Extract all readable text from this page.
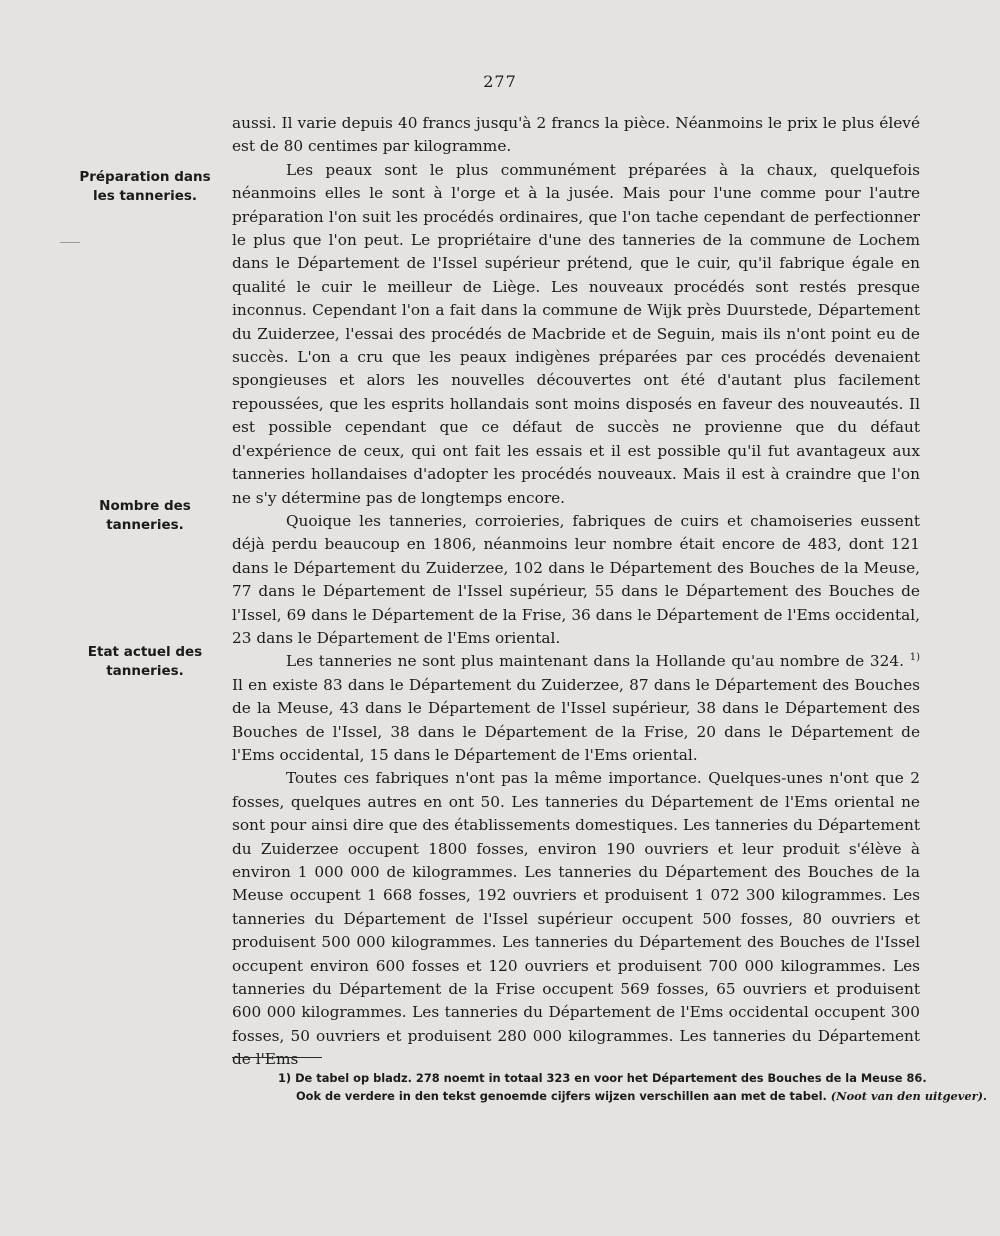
277
Préparation dans les tanneries.
Nombre des tanneries.
Etat actuel des tanneries.

aussi. Il varie depuis 40 francs jusqu'à 2 francs la pièce. Néanmoins le prix le plus élevé est de 80 centimes par kilogramme.

Les peaux sont le plus communément préparées à la chaux, quelquefois néanmoins elles le sont à l'orge et à la jusée. Mais pour l'une comme pour l'autre préparation l'on suit les procédés ordinaires, que l'on tache cependant de perfectionner le plus que l'on peut. Le propriétaire d'une des tanneries de la commune de Lochem dans le Département de l'Issel supérieur prétend, que le cuir, qu'il fabrique égale en qualité le cuir le meilleur de Liège. Les nouveaux procédés sont restés presque inconnus. Cependant l'on a fait dans la commune de Wijk près Duurstede, Département du Zuiderzee, l'essai des procédés de Macbride et de Seguin, mais ils n'ont point eu de succès. L'on a cru que les peaux indigènes préparées par ces procédés devenaient spongieuses et alors les nouvelles découvertes ont été d'autant plus facilement repoussées, que les esprits hollandais sont moins disposés en faveur des nouveautés. Il est possible cependant que ce défaut de succès ne provienne que du défaut d'expérience de ceux, qui ont fait les essais et il est possible qu'il fut avantageux aux tanneries hollandaises d'adopter les procédés nouveaux. Mais il est à craindre que l'on ne s'y détermine pas de longtemps encore.

Quoique les tanneries, corroieries, fabriques de cuirs et chamoiseries eussent déjà perdu beaucoup en 1806, néanmoins leur nombre était encore de 483, dont 121 dans le Département du Zuiderzee, 102 dans le Département des Bouches de la Meuse, 77 dans le Département de l'Issel supérieur, 55 dans le Département des Bouches de l'Issel, 69 dans le Département de la Frise, 36 dans le Département de l'Ems occidental, 23 dans le Département de l'Ems oriental.

Les tanneries ne sont plus maintenant dans la Hollande qu'au nombre de 324. $^{1)}$ Il en existe 83 dans le Département du Zuiderzee, 87 dans le Département des Bouches de la Meuse, 43 dans le Département de l'Issel supérieur, 38 dans le Département des Bouches de l'Issel, 38 dans le Département de la Frise, 20 dans le Département de l'Ems occidental, 15 dans le Département de l'Ems oriental.

Toutes ces fabriques n'ont pas la même importance. Quelques-unes n'ont que 2 fosses, quelques autres en ont 50. Les tanneries du Département de l'Ems oriental ne sont pour ainsi dire que des établissements domestiques. Les tanneries du Département du Zuiderzee occupent 1800 fosses, environ 190 ouvriers et leur produit s'élève à environ 1 000 000 de kilogrammes. Les tanneries du Département des Bouches de la Meuse occupent 1 668 fosses, 192 ouvriers et produisent 1 072 300 kilogrammes. Les tanneries du Département de l'Issel supérieur occupent 500 fosses, 80 ouvriers et produisent 500 000 kilogrammes. Les tanneries du Département des Bouches de l'Issel occupent environ 600 fosses et 120 ouvriers et produisent 700 000 kilogrammes. Les tanneries du Département de la Frise occupent 569 fosses, 65 ouvriers et produisent 600 000 kilogrammes. Les tanneries du Département de l'Ems occidental occupent 300 fosses, 50 ouvriers et produisent 280 000 kilogrammes. Les tanneries du Département de l'Ems

1) De tabel op bladz. 278 noemt in totaal 323 en voor het Département des Bouches de la Meuse 86.
Ook de verdere in den tekst genoemde cijfers wijzen verschillen aan met de tabel. (Noot van den uitgever).
